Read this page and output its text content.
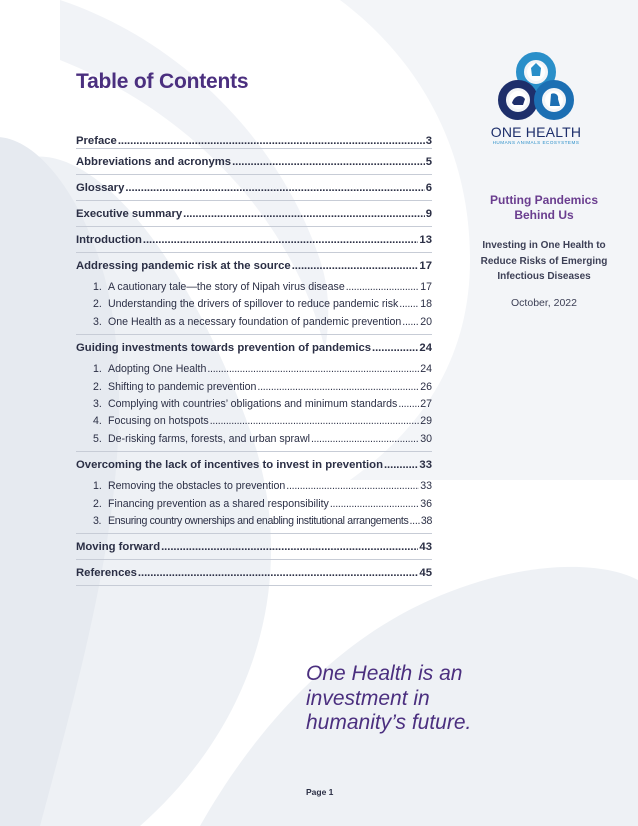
Table of Contents
Preface . . .	3
Abbreviations and acronyms . . .	5
Glossary . . .	6
Executive summary . . .	9
Introduction . . .	13
Addressing pandemic risk at the source . . .	17
1. A cautionary tale—the story of Nipah virus disease . . .	17
2. Understanding the drivers of spillover to reduce pandemic risk . . . 18
3. One Health as a necessary foundation of pandemic prevention . . . 20
Guiding investments towards prevention of pandemics . . .	24
1. Adopting One Health . . .	24
2. Shifting to pandemic prevention . . .	26
3. Complying with countries’ obligations and minimum standards . . . 27
4. Focusing on hotspots . . .	29
5. De-risking farms, forests, and urban sprawl . . .	30
Overcoming the lack of incentives to invest in prevention . . .	33
1. Removing the obstacles to prevention . . .	33
2. Financing prevention as a shared responsibility . . .	36
3. Ensuring country ownerships and enabling institutional arrangements . . . 38
Moving forward . . .	43
References . . .	45
ONE HEALTH
HUMANS ANIMALS ECOSYSTEMS
Putting Pandemics
Behind Us
Investing in One Health to
Reduce Risks of Emerging
Infectious Diseases
October, 2022
One Health is an
investment in
humanity’s future.
Page 1
